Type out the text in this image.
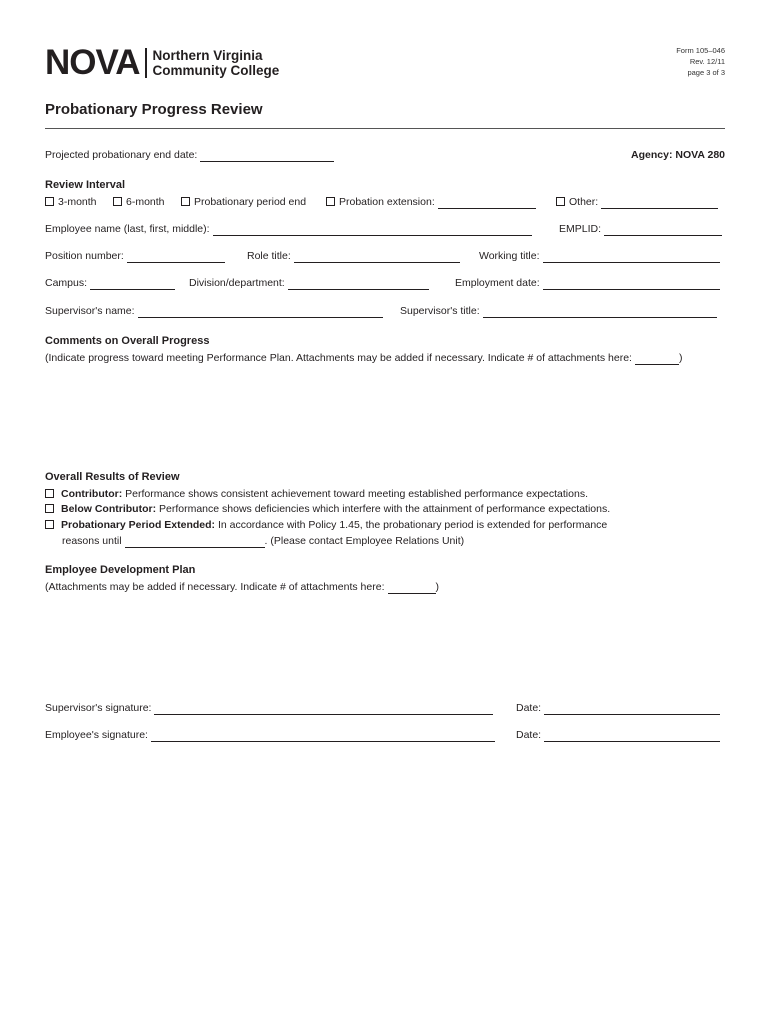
NOVA Northern Virginia
Community College
Form 105–046
Rev. 12/11
page 3 of 3
Probationary Progress Review
Projected probationary end date:	Agency: NOVA 280
Review Interval
3-month	6-month	Probationary period end	Probation extension:	Other:
Employee name (last, first, middle):	EMPLID:
Position number:	Role title:	Working title:
Campus:	Division/department:	Employment date:
Supervisor's name:	Supervisor's title:
Comments on Overall Progress
(Indicate progress toward meeting Performance Plan. Attachments may be added if necessary. Indicate # of attachments here:	)
Overall Results of Review
Contributor: Performance shows consistent achievement toward meeting established performance expectations.
Below Contributor: Performance shows deficiencies which interfere with the attainment of performance expectations.
Probationary Period Extended: In accordance with Policy 1.45, the probationary period is extended for performance
reasons until	. (Please contact Employee Relations Unit)
Employee Development Plan
(Attachments may be added if necessary. Indicate # of attachments here:	)
Supervisor's signature:	Date:
Employee's signature:	Date:
